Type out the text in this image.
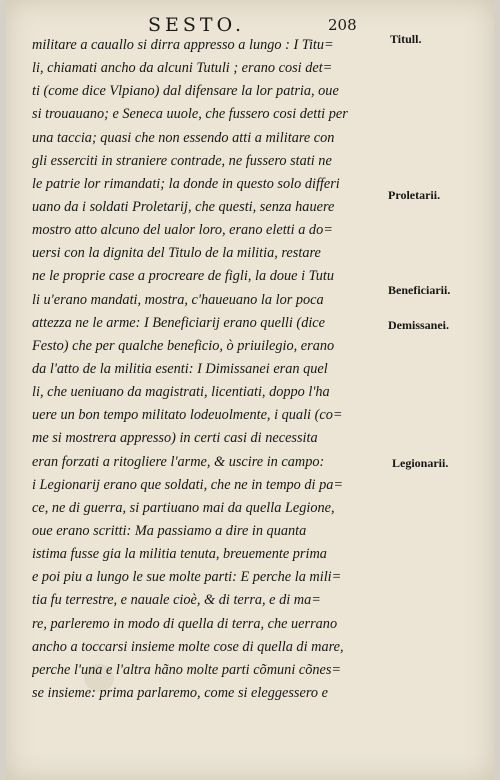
SESTO.	208
militare a cauallo si dirra appresso a lungo : I Titu=
li, chiamati ancho da alcuni Tutuli ; erano cosi det=
ti (come dice Vlpiano) dal difensare la lor patria, oue
si trouauano; e Seneca uuole, che fussero cosi detti per
una taccia; quasi che non essendo atti a militare con
gli esserciti in straniere contrade, ne fussero stati ne
le patrie lor rimandati; la donde in questo solo differi
uano da i soldati Proletarij, che questi, senza hauere
mostro atto alcuno del ualor loro, erano eletti a do=
uersi con la dignita del Titulo de la militia, restare
ne le proprie case a procreare de figli, la doue i Tutu
li u'erano mandati, mostra, c'haueuano la lor poca
attezza ne le arme: I Beneficiarij erano quelli (dice
Festo) che per qualche beneficio, ò priuilegio, erano
da l'atto de la militia esenti: I Dimissanei eran quel
li, che ueniuano da magistrati, licentiati, doppo l'ha
uere un bon tempo militato lodeuolmente, i quali (co=
me si mostrera appresso) in certi casi di necessita
eran forzati a ritogliere l'arme, & uscire in campo:
i Legionarij erano que soldati, che ne in tempo di pa=
ce, ne di guerra, si partiuano mai da quella Legione,
oue erano scritti: Ma passiamo a dire in quanta
istima fusse gia la militia tenuta, breuemente prima
e poi piu a lungo le sue molte parti: E perche la mili=
tia fu terrestre, e nauale cioè, & di terra, e di ma=
re, parleremo in modo di quella di terra, che uerrano
ancho a toccarsi insieme molte cose di quella di mare,
perche l'una e l'altra hãno molte parti cõmuni cõnes=
se insieme: prima parlaremo, come si eleggessero e
Titull.
Proletarii.
Beneficiarii.
Demissanei.
Legionarii.
